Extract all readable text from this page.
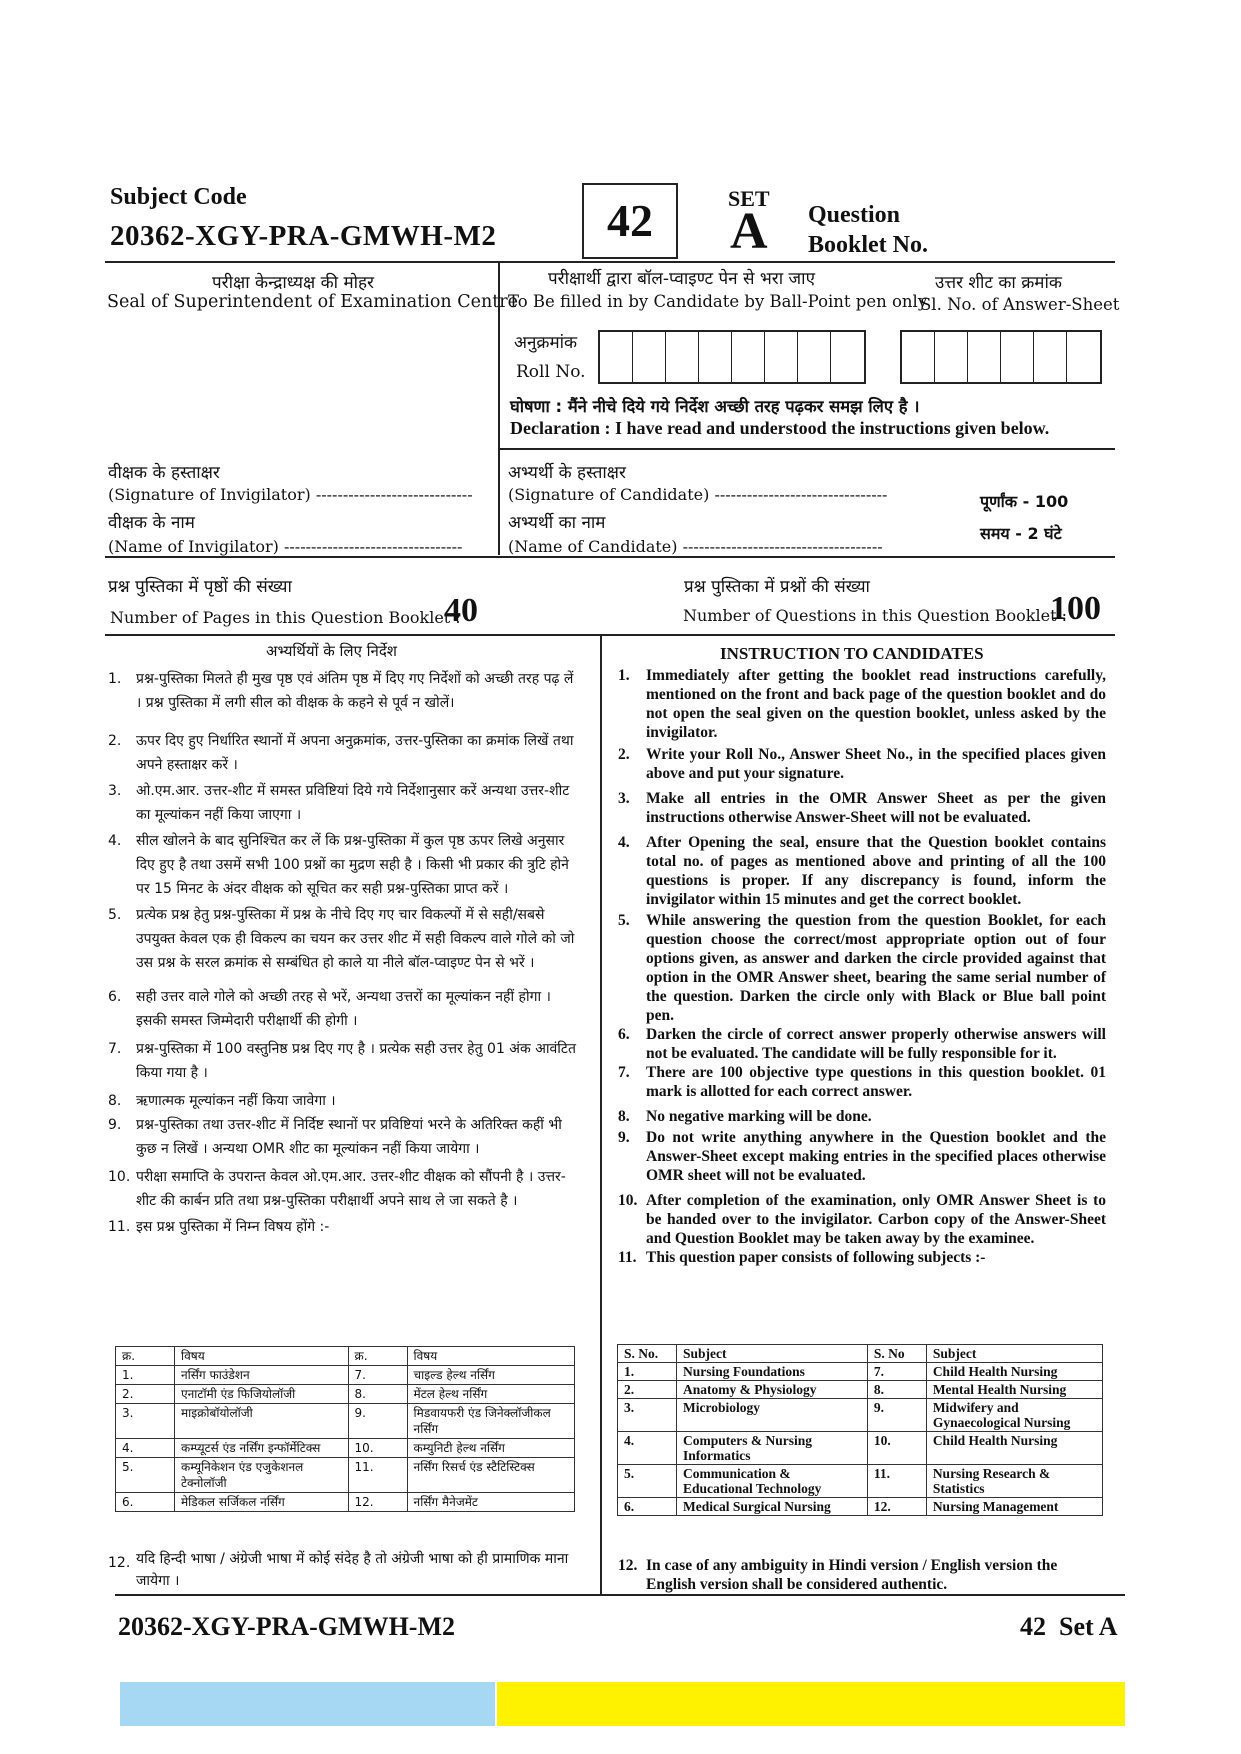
Subject Code
20362-XGY-PRA-GMWH-M2	42	SET
A Question
Booklet No.
परीक्षा केन्द्राध्यक्ष की मोहर
Seal of Superintendent of Examination Centre
परीक्षार्थी द्वारा बॉल-प्वाइण्ट पेन से भरा जाए
To Be filled in by Candidate by Ball-Point pen only
उत्तर शीट का क्रमांक
Sl. No. of Answer-Sheet
अनुक्रमांक
Roll No.
घोषणा : मैंने नीचे दिये गये निर्देश अच्छी तरह पढ़कर समझ लिए है ।
Declaration : I have read and understood the instructions given below.
वीक्षक के हस्ताक्षर
(Signature of Invigilator) -----------------------------
वीक्षक के नाम
(Name of Invigilator) ---------------------------------
अभ्यर्थी के हस्ताक्षर
(Signature of Candidate) --------------------------------
अभ्यर्थी का नाम
(Name of Candidate) -------------------------------------
पूर्णांक - 100
समय - 2 घंटे
प्रश्न पुस्तिका में पृष्ठों की संख्या
Number of Pages in this Question Booklet :
40
प्रश्न पुस्तिका में प्रश्नों की संख्या
Number of Questions in this Question Booklet :
100
अभ्यर्थियों के लिए निर्देश
1. प्रश्न-पुस्तिका मिलते ही मुख पृष्ठ एवं अंतिम पृष्ठ में दिए गए निर्देशों को अच्छी तरह पढ़ लें । प्रश्न पुस्तिका में लगी सील को वीक्षक के कहने से पूर्व न खोलें।
2. ऊपर दिए हुए निर्धारित स्थानों में अपना अनुक्रमांक, उत्तर-पुस्तिका का क्रमांक लिखें तथा अपने हस्ताक्षर करें ।
3. ओ.एम.आर. उत्तर-शीट में समस्त प्रविष्टियां दिये गये निर्देशानुसार करें अन्यथा उत्तर-शीट का मूल्यांकन नहीं किया जाएगा ।
4. सील खोलने के बाद सुनिश्चित कर लें कि प्रश्न-पुस्तिका में कुल पृष्ठ ऊपर लिखे अनुसार दिए हुए है तथा उसमें सभी 100 प्रश्नों का मुद्रण सही है । किसी भी प्रकार की त्रुटि होने पर 15 मिनट के अंदर वीक्षक को सूचित कर सही प्रश्न-पुस्तिका प्राप्त करें ।
5. प्रत्येक प्रश्न हेतु प्रश्न-पुस्तिका में प्रश्न के नीचे दिए गए चार विकल्पों में से सही/सबसे उपयुक्त केवल एक ही विकल्प का चयन कर उत्तर शीट में सही विकल्प वाले गोले को जो उस प्रश्न के सरल क्रमांक से सम्बंधित हो काले या नीले बॉल-प्वाइण्ट पेन से भरें ।
6. सही उत्तर वाले गोले को अच्छी तरह से भरें, अन्यथा उत्तरों का मूल्यांकन नहीं होगा । इसकी समस्त जिम्मेदारी परीक्षार्थी की होगी ।
7. प्रश्न-पुस्तिका में 100 वस्तुनिष्ठ प्रश्न दिए गए है । प्रत्येक सही उत्तर हेतु 01 अंक आवंटित किया गया है ।
8. ऋणात्मक मूल्यांकन नहीं किया जावेगा ।
9. प्रश्न-पुस्तिका तथा उत्तर-शीट में निर्दिष्ट स्थानों पर प्रविष्टियां भरने के अतिरिक्त कहीं भी कुछ न लिखें । अन्यथा OMR शीट का मूल्यांकन नहीं किया जायेगा ।
10. परीक्षा समाप्ति के उपरान्त केवल ओ.एम.आर. उत्तर-शीट वीक्षक को सौंपनी है । उत्तर-शीट की कार्बन प्रति तथा प्रश्न-पुस्तिका परीक्षार्थी अपने साथ ले जा सकते है ।
11. इस प्रश्न पुस्तिका में निम्न विषय होंगे :-
क्र.	विषय	क्र.	विषय
1.	नर्सिंग फाउंडेशन	7.	चाइल्ड हेल्थ नर्सिंग
2.	एनाटॉमी एंड फिजियोलॉजी	8.	मेंटल हेल्थ नर्सिंग
3.	माइक्रोबॉयोलॉजी	9.	मिडवायफरी एंड जिनेक्लॉजीकल नर्सिंग
4.	कम्प्यूटर्स एंड नर्सिंग इन्फॉर्मेटिक्स	10.	कम्युनिटी हेल्थ नर्सिंग
5.	कम्यूनिकेशन एंड एजुकेशनल टेक्नोलॉजी	11.	नर्सिंग रिसर्च एंड स्टैटिस्टिक्स
6.	मेडिकल सर्जिकल नर्सिंग	12.	नर्सिंग मैनेजमेंट
12. यदि हिन्दी भाषा / अंग्रेजी भाषा में कोई संदेह है तो अंग्रेजी भाषा को ही प्रामाणिक माना जायेगा ।
INSTRUCTION TO CANDIDATES
1. Immediately after getting the booklet read instructions carefully, mentioned on the front and back page of the question booklet and do not open the seal given on the question booklet, unless asked by the invigilator.
2. Write your Roll No., Answer Sheet No., in the specified places given above and put your signature.
3. Make all entries in the OMR Answer Sheet as per the given instructions otherwise Answer-Sheet will not be evaluated.
4. After Opening the seal, ensure that the Question booklet contains total no. of pages as mentioned above and printing of all the 100 questions is proper. If any discrepancy is found, inform the invigilator within 15 minutes and get the correct booklet.
5. While answering the question from the question Booklet, for each question choose the correct/most appropriate option out of four options given, as answer and darken the circle provided against that option in the OMR Answer sheet, bearing the same serial number of the question. Darken the circle only with Black or Blue ball point pen.
6. Darken the circle of correct answer properly otherwise answers will not be evaluated. The candidate will be fully responsible for it.
7. There are 100 objective type questions in this question booklet. 01 mark is allotted for each correct answer.
8. No negative marking will be done.
9. Do not write anything anywhere in the Question booklet and the Answer-Sheet except making entries in the specified places otherwise OMR sheet will not be evaluated.
10. After completion of the examination, only OMR Answer Sheet is to be handed over to the invigilator. Carbon copy of the Answer-Sheet and Question Booklet may be taken away by the examinee.
11. This question paper consists of following subjects :-
S. No.	Subject	S. No	Subject
1.	Nursing Foundations	7.	Child Health Nursing
2.	Anatomy & Physiology	8.	Mental Health Nursing
3.	Microbiology	9.	Midwifery and Gynaecological Nursing
4.	Computers & Nursing Informatics	10.	Child Health Nursing
5.	Communication & Educational Technology	11.	Nursing Research & Statistics
6.	Medical Surgical Nursing	12.	Nursing Management
12. In case of any ambiguity in Hindi version / English version the English version shall be considered authentic.
20362-XGY-PRA-GMWH-M2	42  Set A
